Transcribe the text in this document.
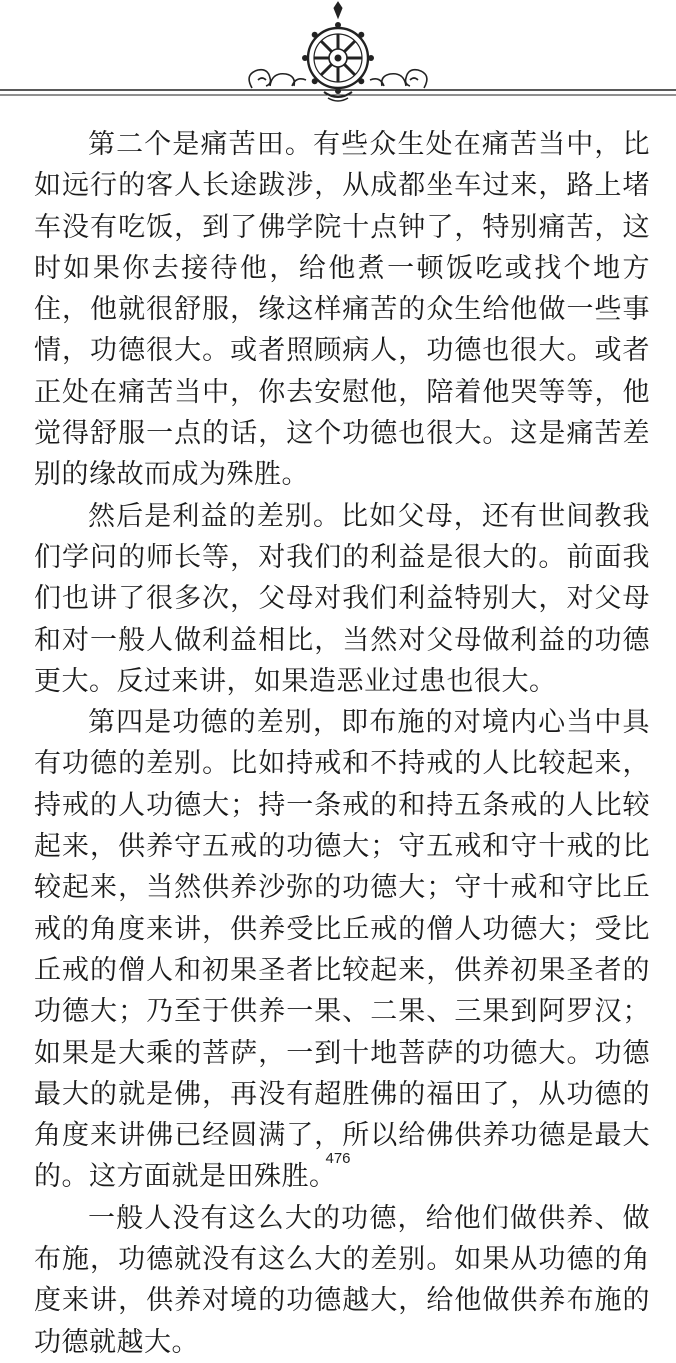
第二个是痛苦田。有些众生处在痛苦当中，比如远行的客人长途跋涉，从成都坐车过来，路上堵车没有吃饭，到了佛学院十点钟了，特别痛苦，这时如果你去接待他，给他煮一顿饭吃或找个地方住，他就很舒服，缘这样痛苦的众生给他做一些事情，功德很大。或者照顾病人，功德也很大。或者正处在痛苦当中，你去安慰他，陪着他哭等等，他觉得舒服一点的话，这个功德也很大。这是痛苦差别的缘故而成为殊胜。

然后是利益的差别。比如父母，还有世间教我们学问的师长等，对我们的利益是很大的。前面我们也讲了很多次，父母对我们利益特别大，对父母和对一般人做利益相比，当然对父母做利益的功德更大。反过来讲，如果造恶业过患也很大。

第四是功德的差别，即布施的对境内心当中具有功德的差别。比如持戒和不持戒的人比较起来，持戒的人功德大；持一条戒的和持五条戒的人比较起来，供养守五戒的功德大；守五戒和守十戒的比较起来，当然供养沙弥的功德大；守十戒和守比丘戒的角度来讲，供养受比丘戒的僧人功德大；受比丘戒的僧人和初果圣者比较起来，供养初果圣者的功德大；乃至于供养一果、二果、三果到阿罗汉；如果是大乘的菩萨，一到十地菩萨的功德大。功德最大的就是佛，再没有超胜佛的福田了，从功德的角度来讲佛已经圆满了，所以给佛供养功德是最大的。这方面就是田殊胜。

一般人没有这么大的功德，给他们做供养、做布施，功德就没有这么大的差别。如果从功德的角度来讲，供养对境的功德越大，给他做供养布施的功德就越大。

476
